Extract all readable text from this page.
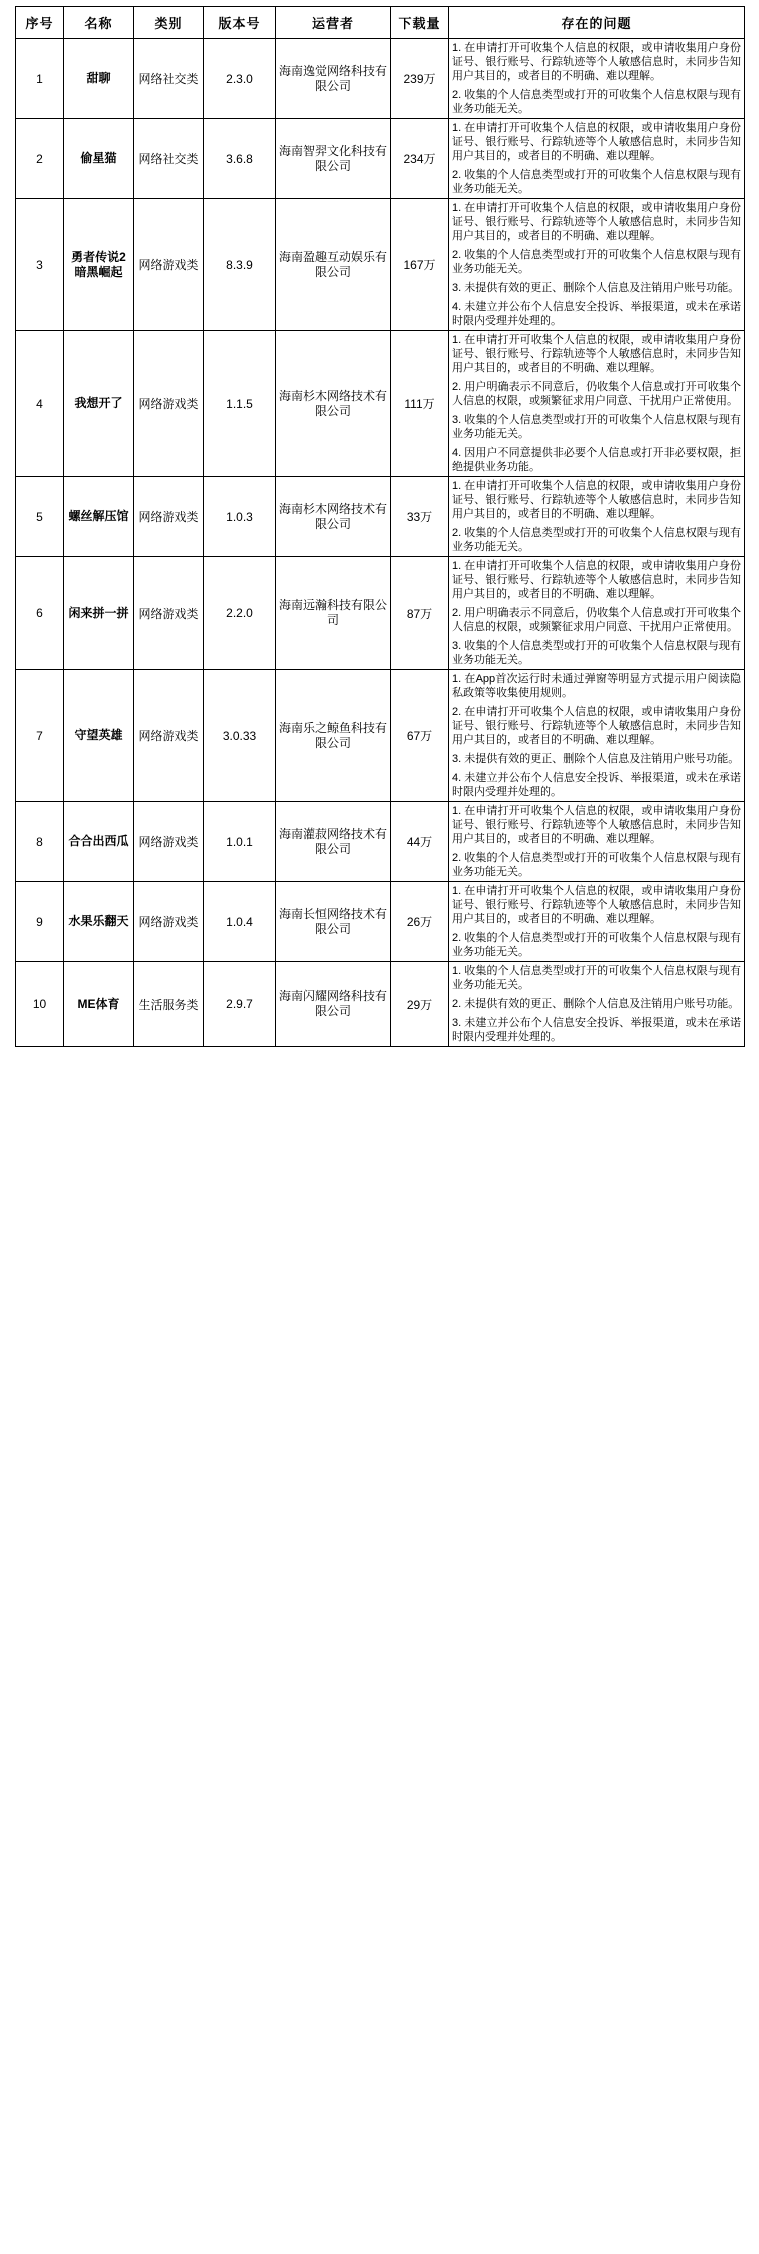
序号	名称	类别	版本号	运营者	下载量	存在的问题
1	甜聊	网络社交类	2.3.0	海南逸觉网络科技有限公司	239万	1. 在申请打开可收集个人信息的权限，或申请收集用户身份证号、银行账号、行踪轨迹等个人敏感信息时，未同步告知用户其目的，或者目的不明确、难以理解。

2. 收集的个人信息类型或打开的可收集个人信息权限与现有业务功能无关。

2	偷星猫	网络社交类	3.6.8	海南智羿文化科技有限公司	234万	1. 在申请打开可收集个人信息的权限，或申请收集用户身份证号、银行账号、行踪轨迹等个人敏感信息时，未同步告知用户其目的，或者目的不明确、难以理解。

2. 收集的个人信息类型或打开的可收集个人信息权限与现有业务功能无关。

3	勇者传说2暗黑崛起	网络游戏类	8.3.9	海南盈趣互动娱乐有限公司	167万	1. 在申请打开可收集个人信息的权限，或申请收集用户身份证号、银行账号、行踪轨迹等个人敏感信息时，未同步告知用户其目的，或者目的不明确、难以理解。

2. 收集的个人信息类型或打开的可收集个人信息权限与现有业务功能无关。

3. 未提供有效的更正、删除个人信息及注销用户账号功能。

4. 未建立并公布个人信息安全投诉、举报渠道，或未在承诺时限内受理并处理的。

4	我想开了	网络游戏类	1.1.5	海南杉木网络技术有限公司	111万	1. 在申请打开可收集个人信息的权限，或申请收集用户身份证号、银行账号、行踪轨迹等个人敏感信息时，未同步告知用户其目的，或者目的不明确、难以理解。

2. 用户明确表示不同意后，仍收集个人信息或打开可收集个人信息的权限，或频繁征求用户同意、干扰用户正常使用。

3. 收集的个人信息类型或打开的可收集个人信息权限与现有业务功能无关。

4. 因用户不同意提供非必要个人信息或打开非必要权限，拒绝提供业务功能。

5	螺丝解压馆	网络游戏类	1.0.3	海南杉木网络技术有限公司	33万	1. 在申请打开可收集个人信息的权限，或申请收集用户身份证号、银行账号、行踪轨迹等个人敏感信息时，未同步告知用户其目的，或者目的不明确、难以理解。

2. 收集的个人信息类型或打开的可收集个人信息权限与现有业务功能无关。

6	闲来拼一拼	网络游戏类	2.2.0	海南远瀚科技有限公司	87万	1. 在申请打开可收集个人信息的权限，或申请收集用户身份证号、银行账号、行踪轨迹等个人敏感信息时，未同步告知用户其目的，或者目的不明确、难以理解。

2. 用户明确表示不同意后，仍收集个人信息或打开可收集个人信息的权限，或频繁征求用户同意、干扰用户正常使用。

3. 收集的个人信息类型或打开的可收集个人信息权限与现有业务功能无关。

7	守望英雄	网络游戏类	3.0.33	海南乐之鲸鱼科技有限公司	67万	1. 在App首次运行时未通过弹窗等明显方式提示用户阅读隐私政策等收集使用规则。

2. 在申请打开可收集个人信息的权限，或申请收集用户身份证号、银行账号、行踪轨迹等个人敏感信息时，未同步告知用户其目的，或者目的不明确、难以理解。

3. 未提供有效的更正、删除个人信息及注销用户账号功能。

4. 未建立并公布个人信息安全投诉、举报渠道，或未在承诺时限内受理并处理的。

8	合合出西瓜	网络游戏类	1.0.1	海南灌菽网络技术有限公司	44万	1. 在申请打开可收集个人信息的权限，或申请收集用户身份证号、银行账号、行踪轨迹等个人敏感信息时，未同步告知用户其目的，或者目的不明确、难以理解。

2. 收集的个人信息类型或打开的可收集个人信息权限与现有业务功能无关。

9	水果乐翻天	网络游戏类	1.0.4	海南长恒网络技术有限公司	26万	1. 在申请打开可收集个人信息的权限，或申请收集用户身份证号、银行账号、行踪轨迹等个人敏感信息时，未同步告知用户其目的，或者目的不明确、难以理解。

2. 收集的个人信息类型或打开的可收集个人信息权限与现有业务功能无关。

10	ME体育	生活服务类	2.9.7	海南闪耀网络科技有限公司	29万	1. 收集的个人信息类型或打开的可收集个人信息权限与现有业务功能无关。

2. 未提供有效的更正、删除个人信息及注销用户账号功能。

3. 未建立并公布个人信息安全投诉、举报渠道，或未在承诺时限内受理并处理的。
